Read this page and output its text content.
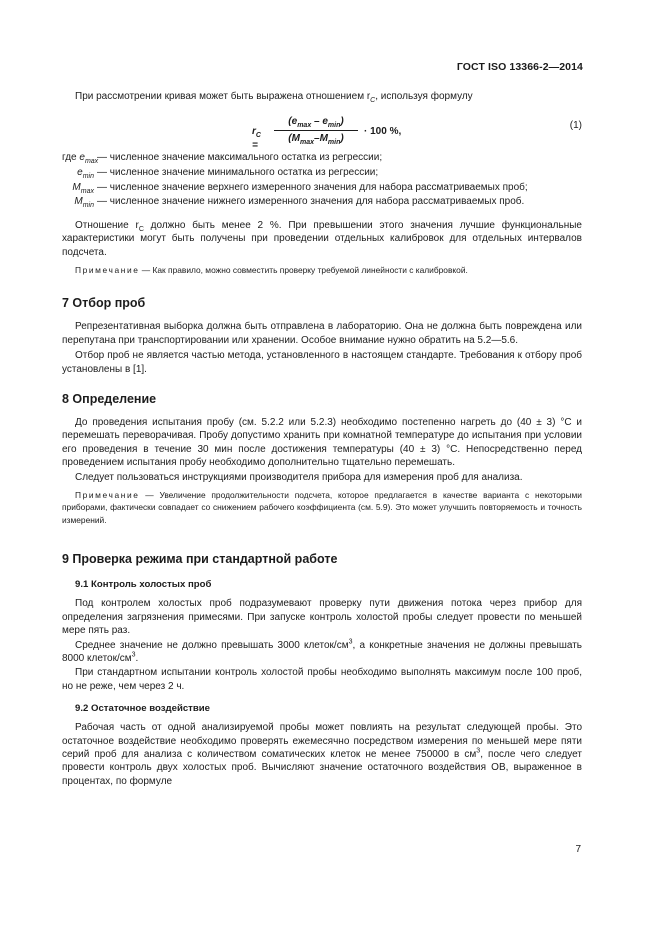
ГОСТ ISO 13366-2—2014

При рассмотрении кривая может быть выражена отношением $r_C$, используя формулу

$r_C$ =
$(e_{max} - e_{min})$
$(M_{max}-M_{min})$
· 100 %,
(1)
где $e_{max}$
— численное значение максимального остатка из регрессии;
$e_{min}$ — численное значение минимального остатка из регрессии;
$M_{max}$ — численное значение верхнего измеренного значения для набора рассматриваемых проб;
$M_{min}$ — численное значение нижнего измеренного значения для набора рассматриваемых проб.

Отношение $r_C$ должно быть менее 2 %. При превышении этого значения лучшие функциональные характеристики могут быть получены при проведении отдельных калибровок для отдельных интервалов подсчета.

Примечание — Как правило, можно совместить проверку требуемой линейности с калибровкой.

7 Отбор проб

Репрезентативная выборка должна быть отправлена в лабораторию. Она не должна быть повреждена или перепутана при транспортировании или хранении. Особое внимание нужно обратить на 5.2—5.6.

Отбор проб не является частью метода, установленного в настоящем стандарте. Требования к отбору проб установлены в [1].

8 Определение

До проведения испытания пробу (см. 5.2.2 или 5.2.3) необходимо постепенно нагреть до (40 ± 3) °С и перемешать переворачивая. Пробу допустимо хранить при комнатной температуре до испытания при условии его проведения в течение 30 мин после достижения температуры (40 ± 3) °С. Непосредственно перед проведением испытания пробу необходимо дополнительно тщательно перемешать.

Следует пользоваться инструкциями производителя прибора для измерения проб для анализа.

Примечание — Увеличение продолжительности подсчета, которое предлагается в качестве варианта с некоторыми приборами, фактически совпадает со снижением рабочего коэффициента (см. 5.9). Это может улучшить повторяемость и точность измерений.

9 Проверка режима при стандартной работе
9.1 Контроль холостых проб

Под контролем холостых проб подразумевают проверку пути движения потока через прибор для определения загрязнения примесями. При запуске контроль холостой пробы следует провести по меньшей мере пять раз.

Среднее значение не должно превышать 3000 клеток/$см^3$, а конкретные значения не должны превышать 8000 клеток/$см^3$.

При стандартном испытании контроль холостой пробы необходимо выполнять максимум после 100 проб, но не реже, чем через 2 ч.

9.2 Остаточное воздействие

Рабочая часть от одной анализируемой пробы может повлиять на результат следующей пробы. Это остаточное воздействие необходимо проверять ежемесячно посредством измерения по меньшей мере пяти серий проб для анализа с количеством соматических клеток не менее 750000 в $см^3$, после чего следует провести контроль двух холостых проб. Вычисляют значение остаточного воздействия ОВ, выраженное в процентах, по формуле

7
